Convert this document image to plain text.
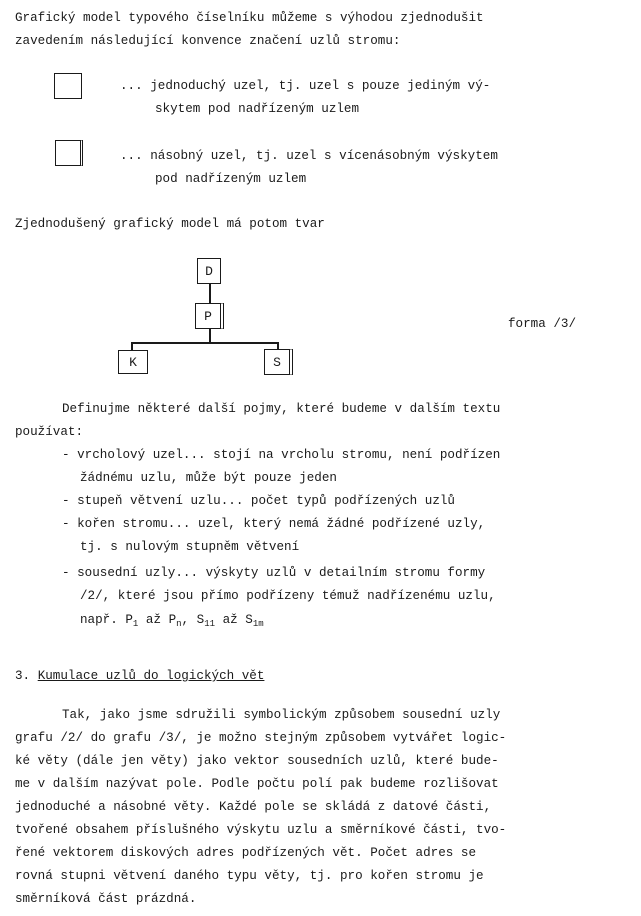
Grafický model typového číselníku můžeme s výhodou zjednodušit
zavedením následující konvence značení uzlů stromu:
... jednoduchý uzel, tj. uzel s pouze jediným vý-
skytem pod nadřízeným uzlem
... násobný uzel, tj. uzel s vícenásobným výskytem
pod nadřízeným uzlem
Zjednodušený grafický model má potom tvar
D
P
K	S
forma /3/
Definujme některé další pojmy, které budeme v dalším textu
používat:
- vrcholový uzel... stojí na vrcholu stromu, není podřízen
žádnému uzlu, může být pouze jeden
- stupeň větvení uzlu... počet typů podřízených uzlů
- kořen stromu... uzel, který nemá žádné podřízené uzly,
tj. s nulovým stupněm větvení
- sousední uzly... výskyty uzlů v detailním stromu formy
/2/, které jsou přímo podřízeny témuž nadřízenému uzlu,
např. $P_1$ až $P_n$, $S_{11}$ až $S_{1m}$
3. Kumulace uzlů do logických vět
Tak, jako jsme sdružili symbolickým způsobem sousední uzly
grafu /2/ do grafu /3/, je možno stejným způsobem vytvářet logic-
ké věty (dále jen věty) jako vektor sousedních uzlů, které bude-
me v dalším nazývat pole. Podle počtu polí pak budeme rozlišovat
jednoduché a násobné věty. Každé pole se skládá z datové části,
tvořené obsahem příslušného výskytu uzlu a směrníkové části, tvo-
řené vektorem diskových adres podřízených vět. Počet adres se
rovná stupni větvení daného typu věty, tj. pro kořen stromu je
směrníková část prázdná.
